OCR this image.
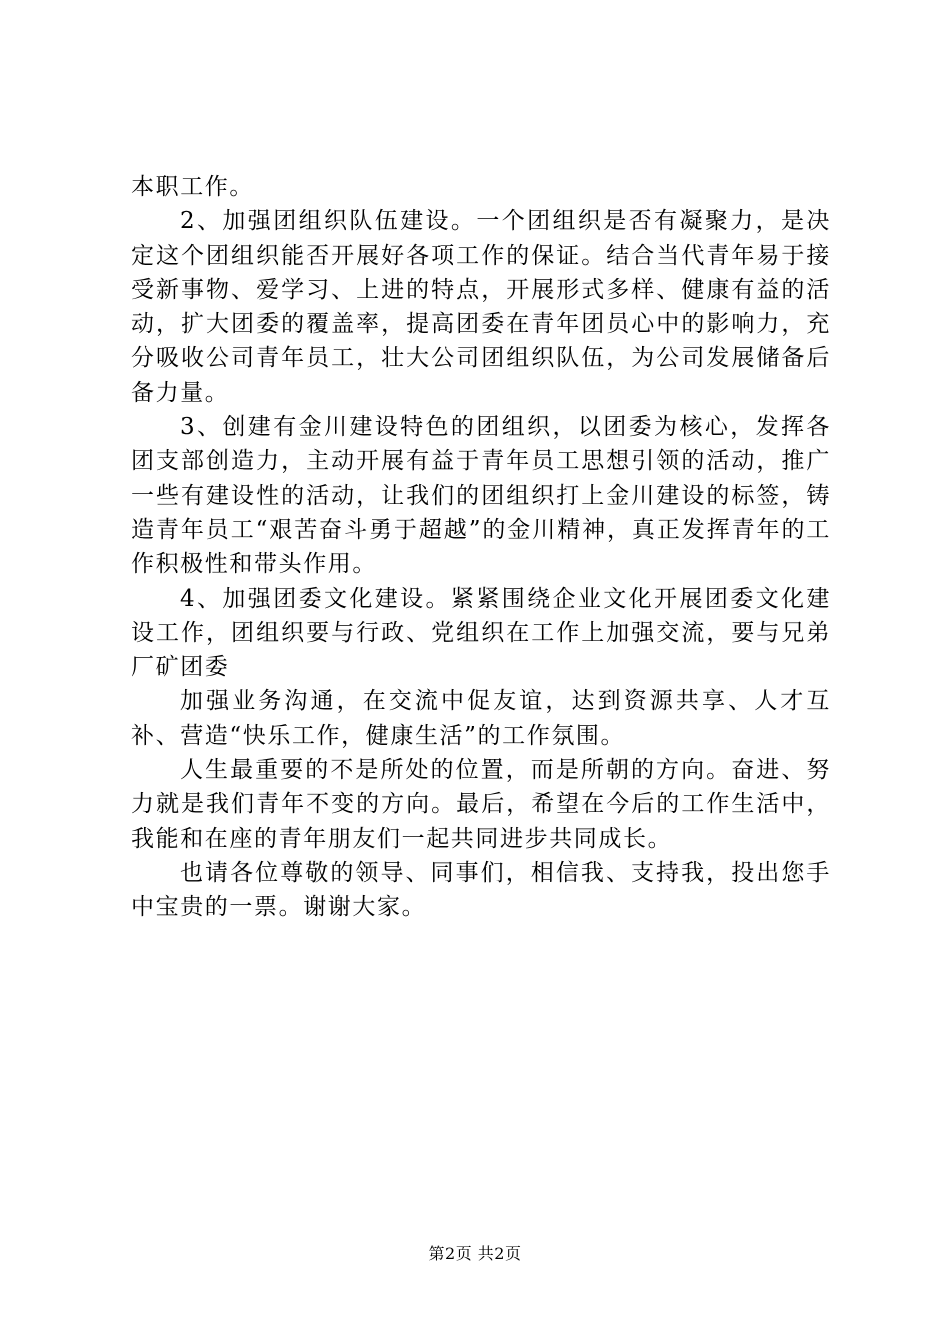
本职工作。

2、加强团组织队伍建设。一个团组织是否有凝聚力，是决定这个团组织能否开展好各项工作的保证。结合当代青年易于接受新事物、爱学习、上进的特点，开展形式多样、健康有益的活动，扩大团委的覆盖率，提高团委在青年团员心中的影响力，充分吸收公司青年员工，壮大公司团组织队伍，为公司发展储备后备力量。

3、创建有金川建设特色的团组织，以团委为核心，发挥各团支部创造力，主动开展有益于青年员工思想引领的活动，推广一些有建设性的活动，让我们的团组织打上金川建设的标签，铸造青年员工“艰苦奋斗勇于超越”的金川精神，真正发挥青年的工作积极性和带头作用。

4、加强团委文化建设。紧紧围绕企业文化开展团委文化建设工作，团组织要与行政、党组织在工作上加强交流，要与兄弟厂矿团委

加强业务沟通，在交流中促友谊，达到资源共享、人才互补、营造“快乐工作，健康生活”的工作氛围。

人生最重要的不是所处的位置，而是所朝的方向。奋进、努力就是我们青年不变的方向。最后，希望在今后的工作生活中，我能和在座的青年朋友们一起共同进步共同成长。

也请各位尊敬的领导、同事们，相信我、支持我，投出您手中宝贵的一票。谢谢大家。

第2页 共2页
